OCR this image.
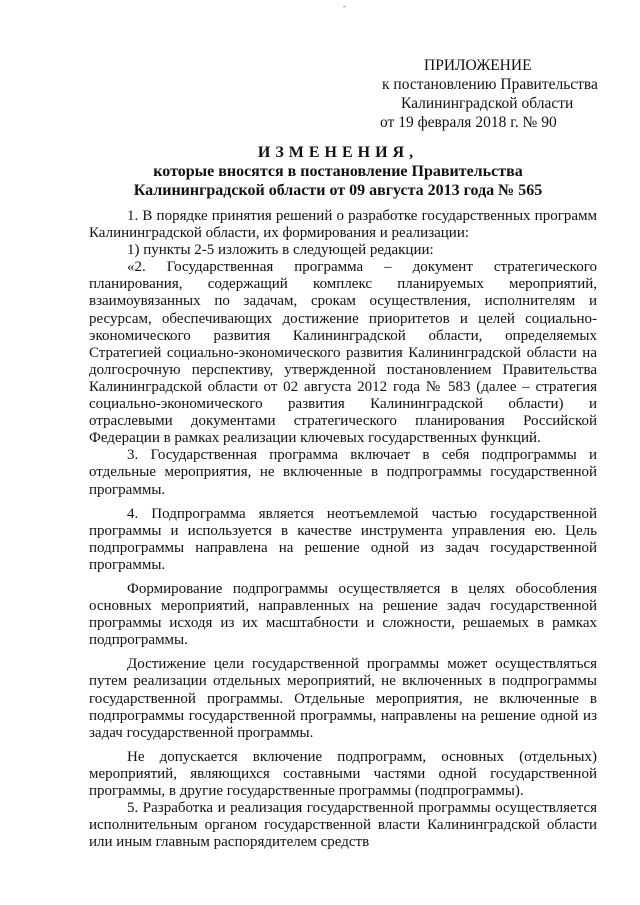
-
ПРИЛОЖЕНИЕ
к постановлению Правительства
Калининградской области
от 19 февраля 2018 г. № 90
ИЗМЕНЕНИЯ,
которые вносятся в постановление Правительства
Калининградской области от 09 августа 2013 года № 565

1. В порядке принятия решений о разработке государственных программ Калининградской области, их формирования и реализации:

1) пункты 2-5 изложить в следующей редакции:

«2. Государственная программа – документ стратегического планирования, содержащий комплекс планируемых мероприятий, взаимоувязанных по задачам, срокам осуществления, исполнителям и ресурсам, обеспечивающих достижение приоритетов и целей социально-экономического развития Калининградской области, определяемых Стратегией социально-экономического развития Калининградской области на долгосрочную перспективу, утвержденной постановлением Правительства Калининградской области от 02 августа 2012 года № 583 (далее – стратегия социально-экономического развития Калининградской области) и отраслевыми документами стратегического планирования Российской Федерации в рамках реализации ключевых государственных функций.

3. Государственная программа включает в себя подпрограммы и отдельные мероприятия, не включенные в подпрограммы государственной программы.

4. Подпрограмма является неотъемлемой частью государственной программы и используется в качестве инструмента управления ею. Цель подпрограммы направлена на решение одной из задач государственной программы.

Формирование подпрограммы осуществляется в целях обособления основных мероприятий, направленных на решение задач государственной программы исходя из их масштабности и сложности, решаемых в рамках подпрограммы.

Достижение цели государственной программы может осуществляться путем реализации отдельных мероприятий, не включенных в подпрограммы государственной программы. Отдельные мероприятия, не включенные в подпрограммы государственной программы, направлены на решение одной из задач государственной программы.

Не допускается включение подпрограмм, основных (отдельных) мероприятий, являющихся составными частями одной государственной программы, в другие государственные программы (подпрограммы).

5. Разработка и реализация государственной программы осуществляется исполнительным органом государственной власти Калининградской области или иным главным распорядителем средств
